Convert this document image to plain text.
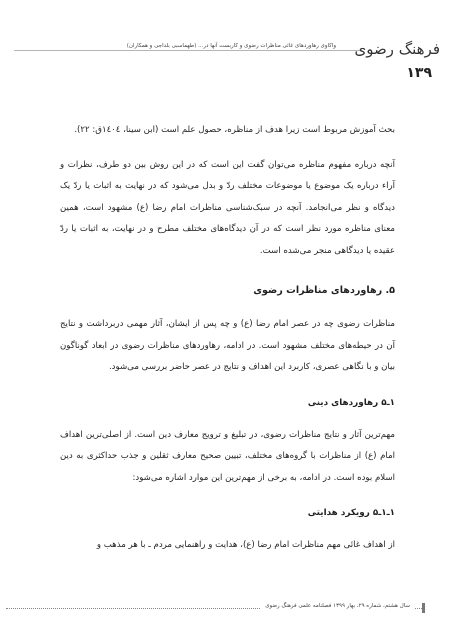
واکاوی رهاوردهای غائی مناظرات رضوی و کاربست آنها در... (طهماسبی بلداجی و همکاران) فرهنگ رضوی
۱۳۹

بحث آموزش مربوط است زیرا هدف از مناظره، حصول علم است (ابن سینا، ۱٤۰٤ق: ۲۲).

آنچه درباره مفهوم مناظره می‌توان گفت این است که در این روش بین دو طرف، نظرات و آراء درباره یک موضوع یا موضوعات مختلف ردّ و بدل می‌شود که در نهایت به اثبات یا ردّ یک دیدگاه و نظر می‌انجامد. آنچه در سبک‌شناسی مناظرات امام رضا (ع) مشهود است، همین معنای مناظره مورد نظر است که در آن دیدگاه‌های مختلف مطرح و در نهایت، به اثبات یا ردّ عقیده یا دیدگاهی منجر می‌شده است.

۵. رهاوردهای مناظرات رضوی

مناظرات رضوی چه در عصر امام رضا (ع) و چه پس از ایشان، آثار مهمی دربرداشت و نتایج آن در حیطه‌های مختلف مشهود است. در ادامه، رهاوردهای مناظرات رضوی در ابعاد گوناگون بیان و با نگاهی عصری، کاربرد این اهداف و نتایج در عصر حاضر بررسی می‌شود.

۱ـ۵ رهاوردهای دینی

مهم‌ترین آثار و نتایج مناظرات رضوی، در تبلیغ و ترویج معارف دین است. از اصلی‌ترین اهداف امام (ع) از مناظرات با گروه‌های مختلف، تبیین صحیح معارف ثقلین و جذب حداکثری به دین اسلام بوده است. در ادامه، به برخی از مهم‌ترین این موارد اشاره می‌شود:

۱ـ۱ـ۵ رویکرد هدایتی

از اهداف غائی مهم مناظرات امام رضا (ع)، هدایت و راهنمایی مردم ـ با هر مذهب و

سال هشتم، شماره ۲۹، بهار ۱۳۹۹ فصلنامه علمی فرهنگ رضوی
